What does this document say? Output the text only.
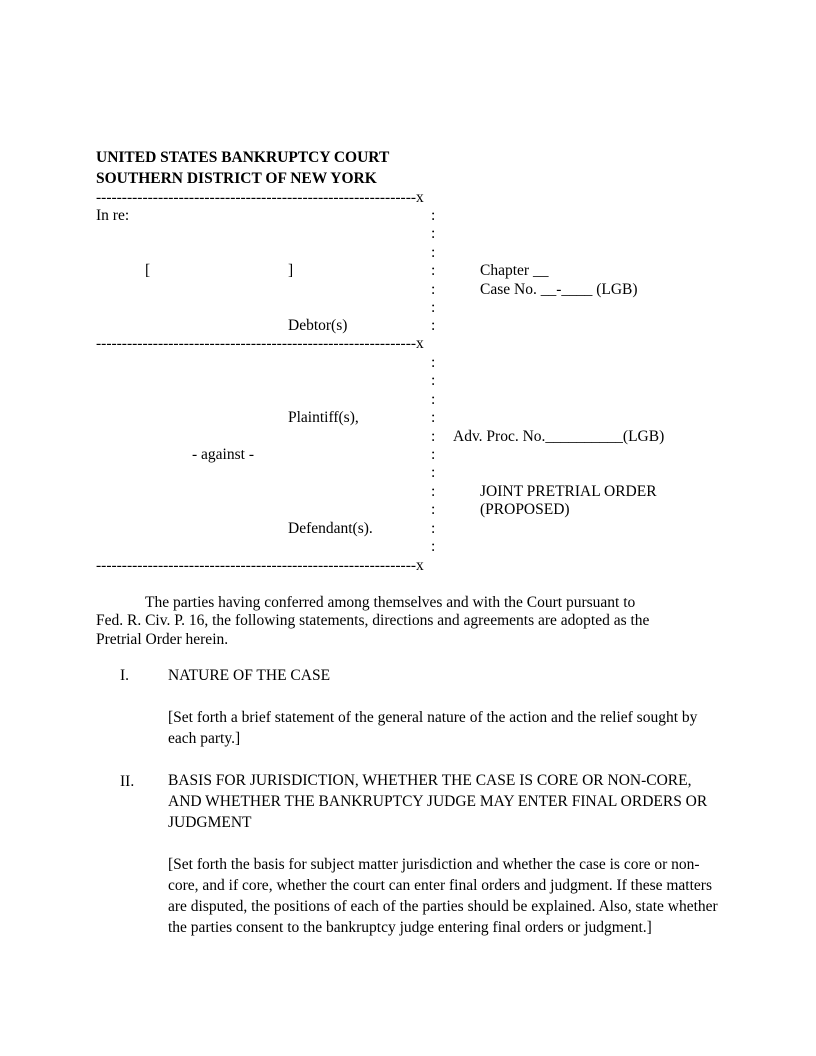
UNITED STATES BANKRUPTCY COURT
SOUTHERN DISTRICT OF NEW YORK
--------------------------------------------------------------x
--------------------------------------------------------------x
--------------------------------------------------------------x
In re:
[	]
Debtor(s)
Plaintiff(s),
- against -
Defendant(s).
:
:
:
:
:
:
:
:
:
:
:
:
:
:
:
:
:
:
Chapter __
Case No. __-____ (LGB)
Adv. Proc. No.__________(LGB)
JOINT PRETRIAL ORDER
(PROPOSED)
The parties having conferred among themselves and with the Court pursuant to
Fed. R. Civ. P. 16, the following statements, directions and agreements are adopted as the
Pretrial Order herein.
I.	NATURE OF THE CASE
[Set forth a brief statement of the general nature of the action and the relief sought by each party.]
II. BASIS FOR JURISDICTION, WHETHER THE CASE IS CORE OR NON-CORE, AND WHETHER THE BANKRUPTCY JUDGE MAY ENTER FINAL ORDERS OR JUDGMENT
[Set forth the basis for subject matter jurisdiction and whether the case is core or non-core, and if core, whether the court can enter final orders and judgment. If these matters are disputed, the positions of each of the parties should be explained. Also, state whether the parties consent to the bankruptcy judge entering final orders or judgment.]
